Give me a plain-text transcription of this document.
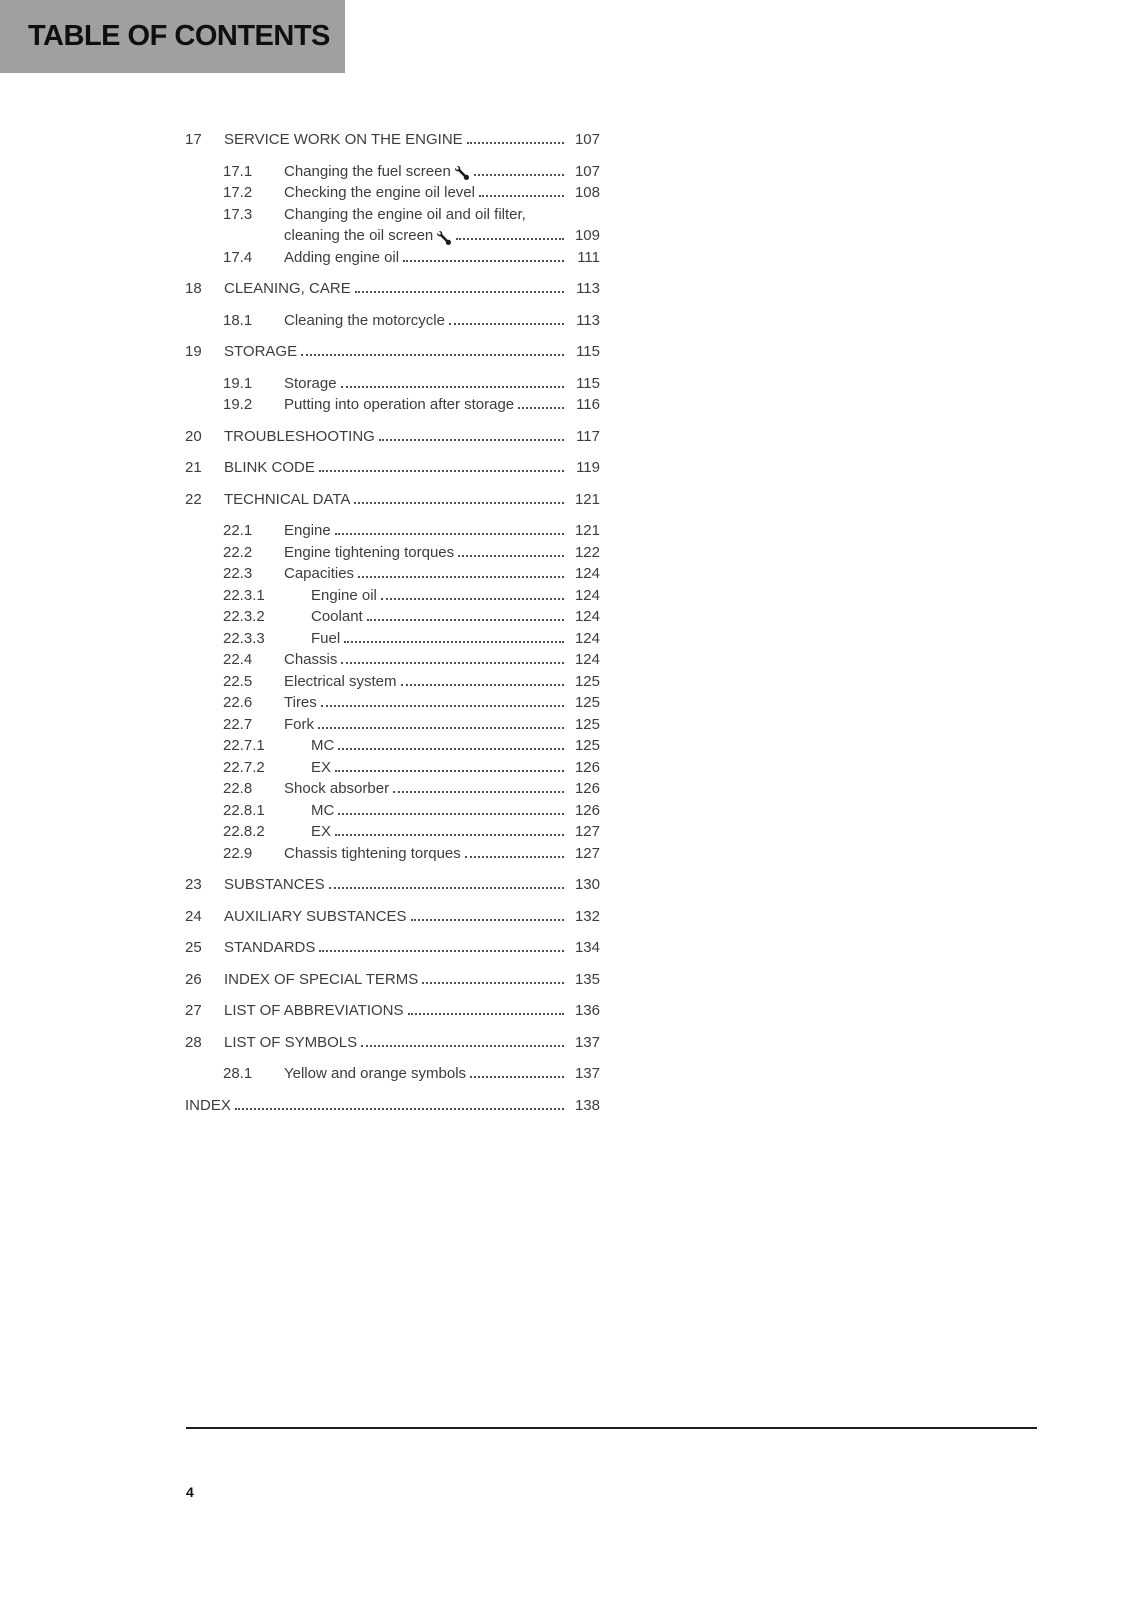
TABLE OF CONTENTS
17	SERVICE WORK ON THE ENGINE	107
17.1	Changing the fuel screen	107
17.2	Checking the engine oil level	108
17.3	Changing the engine oil and oil filter,
cleaning the oil screen	109
17.4	Adding engine oil	111
18	CLEANING, CARE	113
18.1	Cleaning the motorcycle	113
19	STORAGE	115
19.1	Storage	115
19.2	Putting into operation after storage	116
20	TROUBLESHOOTING	117
21	BLINK CODE	119
22	TECHNICAL DATA	121
22.1	Engine	121
22.2	Engine tightening torques	122
22.3	Capacities	124
22.3.1	Engine oil	124
22.3.2	Coolant	124
22.3.3	Fuel	124
22.4	Chassis	124
22.5	Electrical system	125
22.6	Tires	125
22.7	Fork	125
22.7.1	MC	125
22.7.2	EX	126
22.8	Shock absorber	126
22.8.1	MC	126
22.8.2	EX	127
22.9	Chassis tightening torques	127
23	SUBSTANCES	130
24	AUXILIARY SUBSTANCES	132
25	STANDARDS	134
26	INDEX OF SPECIAL TERMS	135
27	LIST OF ABBREVIATIONS	136
28	LIST OF SYMBOLS	137
28.1	Yellow and orange symbols	137
INDEX	138
4
